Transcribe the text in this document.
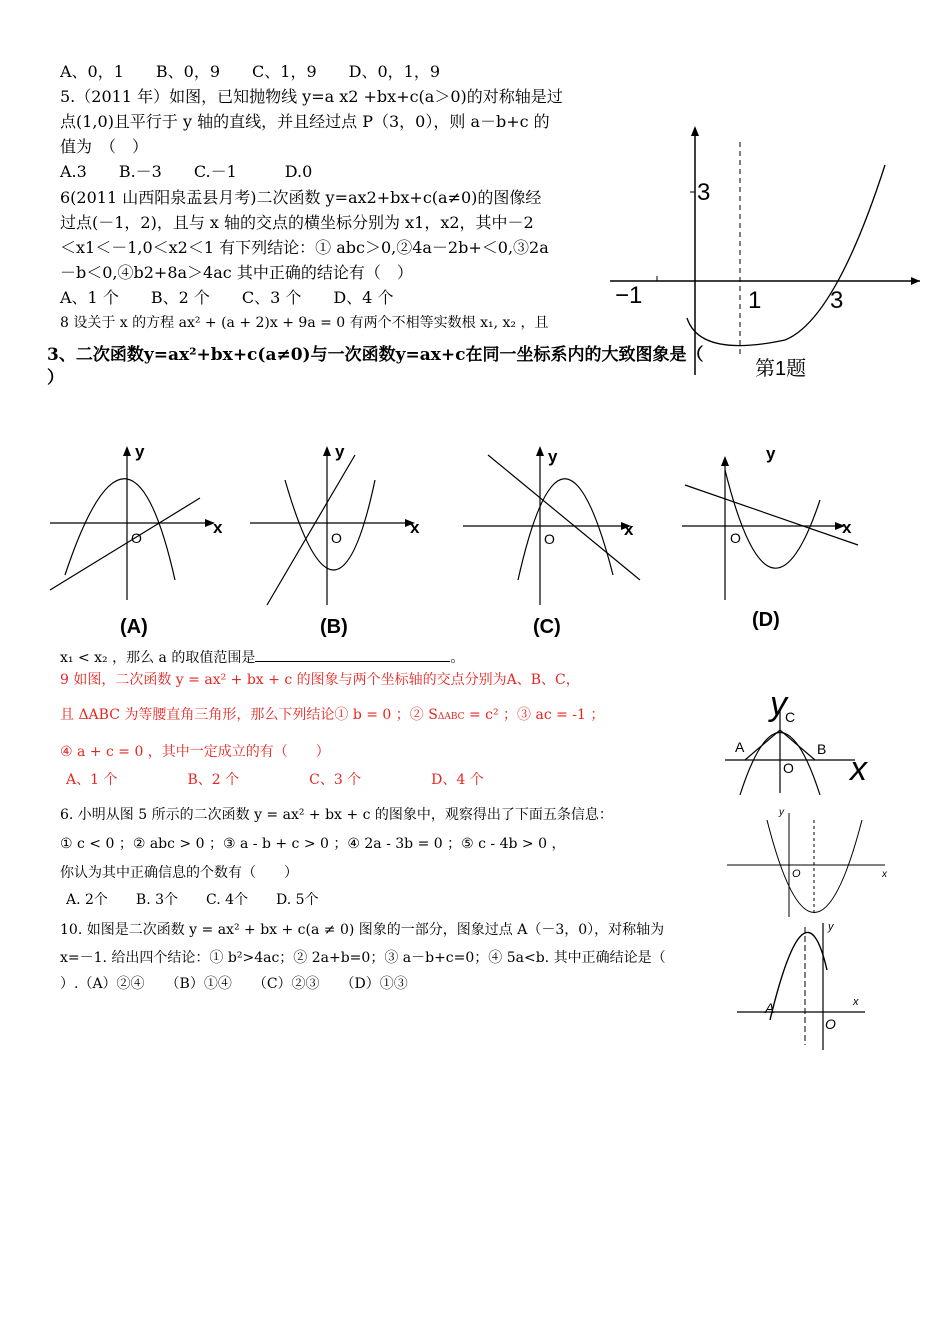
A、0，1　　B、0，9　　C、1，9　　D、0，1，9
5.（2011 年）如图，已知抛物线 y=a x2 +bx+c(a＞0)的对称轴是过
点(1,0)且平行于 y 轴的直线，并且经过点 P（3，0），则 a－b+c 的
值为　（　）
A.3　　B.－3　　C.－1　　　D.0
6(2011 山西阳泉盂县月考)二次函数 y=ax2+bx+c(a≠0)的图像经
过点(－1，2)，且与 x 轴的交点的横坐标分别为 x1，x2，其中－2
＜x1＜－1,0＜x2＜1 有下列结论：① abc＞0,②4a－2b+＜0,③2a
－b＜0,④b2+8a＞4ac 其中正确的结论有（　）
A、1 个　　B、2 个　　C、3 个　　D、4 个
8 设关于 x 的方程 ax² + (a + 2)x + 9a = 0 有两个不相等实数根 x₁, x₂ ，且
3、二次函数y=ax²+bx+c(a≠0)与一次函数y=ax+c在同一坐标系内的大致图象是（
）
x₁ < x₂ ，那么 a 的取值范围是	。
9 如图，二次函数 y = ax² + bx + c 的图象与两个坐标轴的交点分别为A、B、C，
且 ΔABC 为等腰直角三角形，那么下列结论① b = 0 ；② SΔABC = c² ；③ ac = -1 ；
④ a + c = 0 ，其中一定成立的有（　　）
A、1 个　　　　　B、2 个　　　　　C、3 个　　　　　D、4 个
6. 小明从图 5 所示的二次函数 y = ax² + bx + c 的图象中，观察得出了下面五条信息：
① c < 0 ；② abc > 0 ；③ a - b + c > 0 ；④ 2a - 3b = 0 ；⑤ c - 4b > 0 ，
你认为其中正确信息的个数有（　　）
A. 2个　　B. 3个　　C. 4个　　D. 5个
10. 如图是二次函数 y = ax² + bx + c(a ≠ 0) 图象的一部分，图象过点 A（－3，0），对称轴为
x=－1. 给出四个结论：① b²>4ac；② 2a+b=0；③ a－b+c=0；④ 5a<b. 其中正确结论是（
）.（A）②④　　（B）①④　　（C）②③　　（D）①③
3
−1	1	3
第1题
y
x
O
(A)
y
x
O
(B)
y
x
O
(C)
y
x
O
(D)
y
x
A	B
C
O
y
x
O
y
x
A
O
